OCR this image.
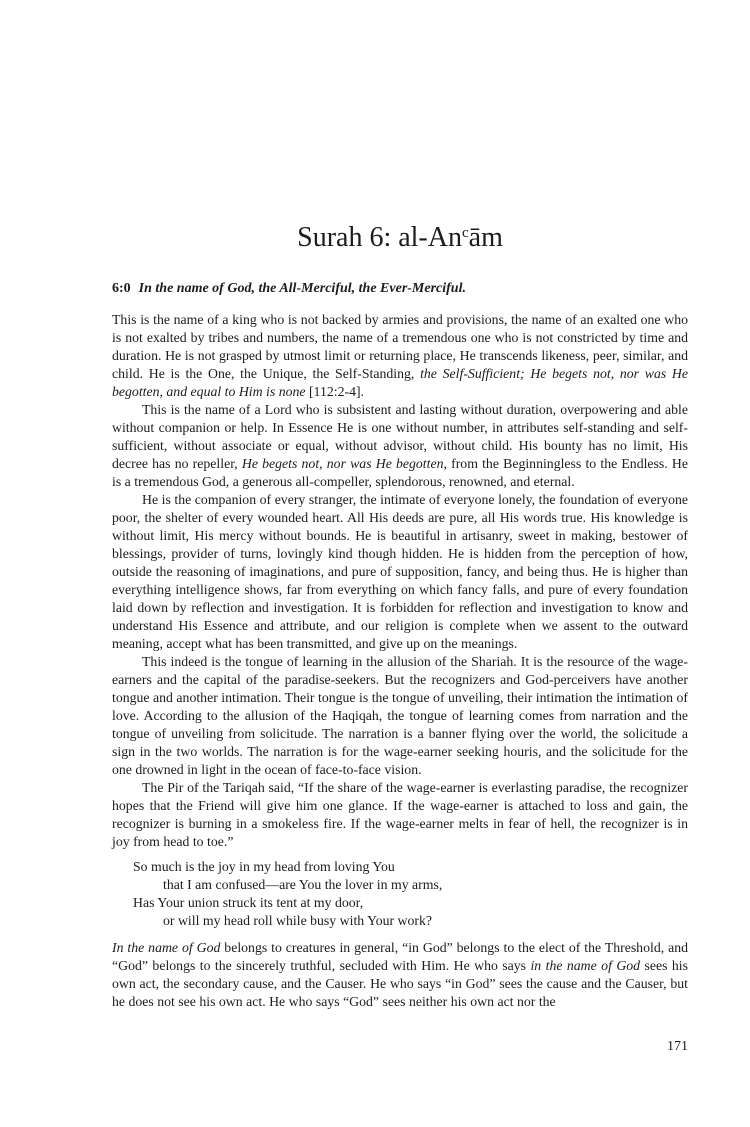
Surah 6: al-An$^c$ām
6:0 In the name of God, the All-Merciful, the Ever-Merciful.

This is the name of a king who is not backed by armies and provisions, the name of an exalted one who is not exalted by tribes and numbers, the name of a tremendous one who is not constricted by time and duration. He is not grasped by utmost limit or returning place, He transcends likeness, peer, similar, and child. He is the One, the Unique, the Self-Standing, the Self-Sufficient; He begets not, nor was He begotten, and equal to Him is none [112:2-4].

This is the name of a Lord who is subsistent and lasting without duration, overpowering and able without companion or help. In Essence He is one without number, in attributes self-standing and self-sufficient, without associate or equal, without advisor, without child. His bounty has no limit, His decree has no repeller, He begets not, nor was He begotten, from the Beginningless to the Endless. He is a tremendous God, a generous all-compeller, splendorous, renowned, and eternal.

He is the companion of every stranger, the intimate of everyone lonely, the foundation of everyone poor, the shelter of every wounded heart. All His deeds are pure, all His words true. His knowledge is without limit, His mercy without bounds. He is beautiful in artisanry, sweet in making, bestower of blessings, provider of turns, lovingly kind though hidden. He is hidden from the perception of how, outside the reasoning of imaginations, and pure of supposition, fancy, and being thus. He is higher than everything intelligence shows, far from everything on which fancy falls, and pure of every foundation laid down by reflection and investigation. It is forbidden for reflection and investigation to know and understand His Essence and attribute, and our religion is complete when we assent to the outward meaning, accept what has been transmitted, and give up on the meanings.

This indeed is the tongue of learning in the allusion of the Shariah. It is the resource of the wage-earners and the capital of the paradise-seekers. But the recognizers and God-perceivers have another tongue and another intimation. Their tongue is the tongue of unveiling, their intimation the intimation of love. According to the allusion of the Haqiqah, the tongue of learning comes from narration and the tongue of unveiling from solicitude. The narration is a banner flying over the world, the solicitude a sign in the two worlds. The narration is for the wage-earner seeking houris, and the solicitude for the one drowned in light in the ocean of face-to-face vision.

The Pir of the Tariqah said, “If the share of the wage-earner is everlasting paradise, the recognizer hopes that the Friend will give him one glance. If the wage-earner is attached to loss and gain, the recognizer is burning in a smokeless fire. If the wage-earner melts in fear of hell, the recognizer is in joy from head to toe.”

So much is the joy in my head from loving You
that I am confused—are You the lover in my arms,
Has Your union struck its tent at my door,
or will my head roll while busy with Your work?

In the name of God belongs to creatures in general, “in God” belongs to the elect of the Threshold, and “God” belongs to the sincerely truthful, secluded with Him. He who says in the name of God sees his own act, the secondary cause, and the Causer. He who says “in God” sees the cause and the Causer, but he does not see his own act. He who says “God” sees neither his own act nor the

171
